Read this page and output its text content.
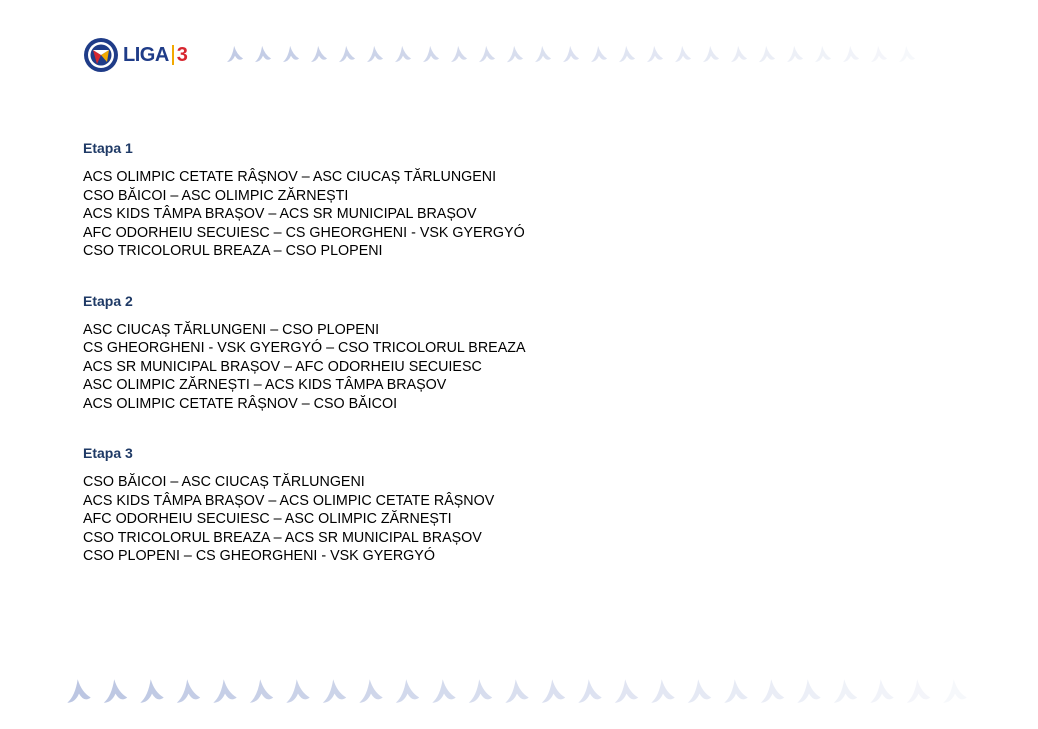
LIGA 3
Etapa 1
ACS OLIMPIC CETATE RÂȘNOV – ASC CIUCAȘ TĂRLUNGENI
CSO BĂICOI – ASC OLIMPIC ZĂRNEȘTI
ACS KIDS TÂMPA BRAȘOV – ACS SR MUNICIPAL BRAȘOV
AFC ODORHEIU SECUIESC – CS GHEORGHENI - VSK GYERGYÓ
CSO TRICOLORUL BREAZA – CSO PLOPENI
Etapa 2
ASC CIUCAȘ TĂRLUNGENI – CSO PLOPENI
CS GHEORGHENI - VSK GYERGYÓ – CSO TRICOLORUL BREAZA
ACS SR MUNICIPAL BRAȘOV – AFC ODORHEIU SECUIESC
ASC OLIMPIC ZĂRNEȘTI – ACS KIDS TÂMPA BRAȘOV
ACS OLIMPIC CETATE RÂȘNOV – CSO BĂICOI
Etapa 3
CSO BĂICOI – ASC CIUCAȘ TĂRLUNGENI
ACS KIDS TÂMPA BRAȘOV – ACS OLIMPIC CETATE RÂȘNOV
AFC ODORHEIU SECUIESC – ASC OLIMPIC ZĂRNEȘTI
CSO TRICOLORUL BREAZA – ACS SR MUNICIPAL BRAȘOV
CSO PLOPENI – CS GHEORGHENI - VSK GYERGYÓ
